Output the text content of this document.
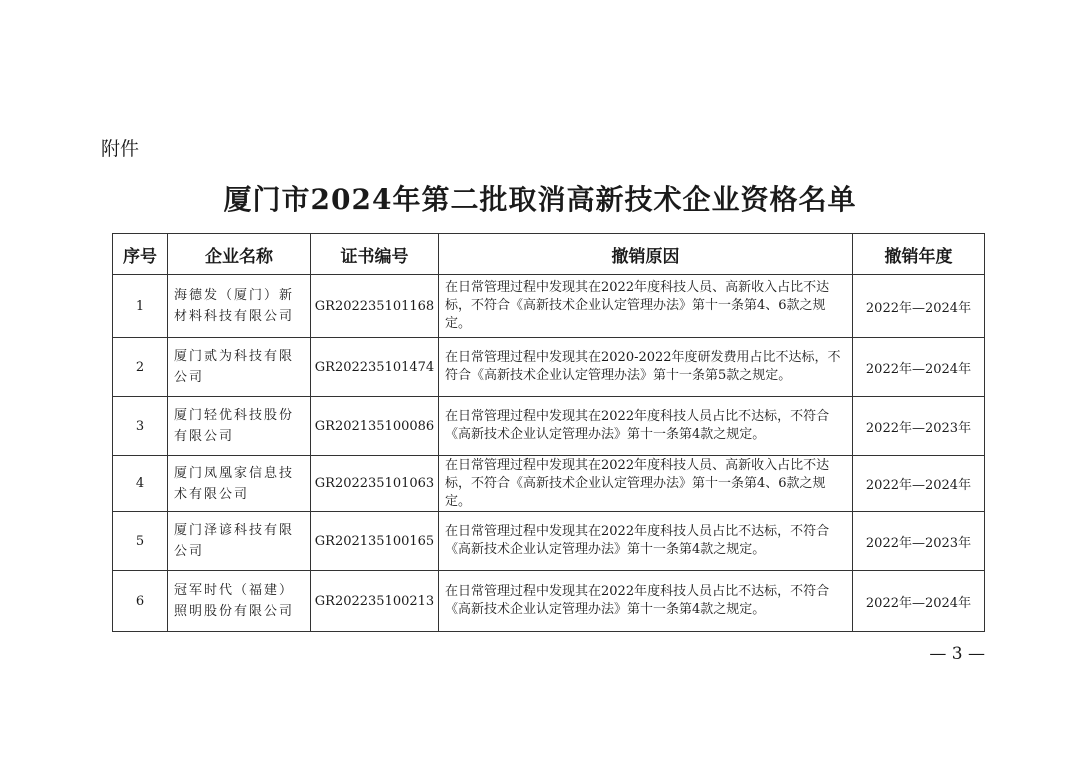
附件
厦门市2024年第二批取消高新技术企业资格名单
序号	企业名称	证书编号	撤销原因	撤销年度
1	海德发（厦门）新材料科技有限公司	GR202235101168	在日常管理过程中发现其在2022年度科技人员、高新收入占比不达标，不符合《高新技术企业认定管理办法》第十一条第4、6款之规定。	2022年—2024年
2	厦门贰为科技有限公司	GR202235101474	在日常管理过程中发现其在2020-2022年度研发费用占比不达标，不符合《高新技术企业认定管理办法》第十一条第5款之规定。	2022年—2024年
3	厦门轻优科技股份有限公司	GR202135100086	在日常管理过程中发现其在2022年度科技人员占比不达标，不符合《高新技术企业认定管理办法》第十一条第4款之规定。	2022年—2023年
4	厦门凤凰家信息技术有限公司	GR202235101063	在日常管理过程中发现其在2022年度科技人员、高新收入占比不达标，不符合《高新技术企业认定管理办法》第十一条第4、6款之规定。	2022年—2024年
5	厦门泽谚科技有限公司	GR202135100165	在日常管理过程中发现其在2022年度科技人员占比不达标，不符合《高新技术企业认定管理办法》第十一条第4款之规定。	2022年—2023年
6	冠军时代（福建）照明股份有限公司	GR202235100213	在日常管理过程中发现其在2022年度科技人员占比不达标，不符合《高新技术企业认定管理办法》第十一条第4款之规定。	2022年—2024年
— 3 —
